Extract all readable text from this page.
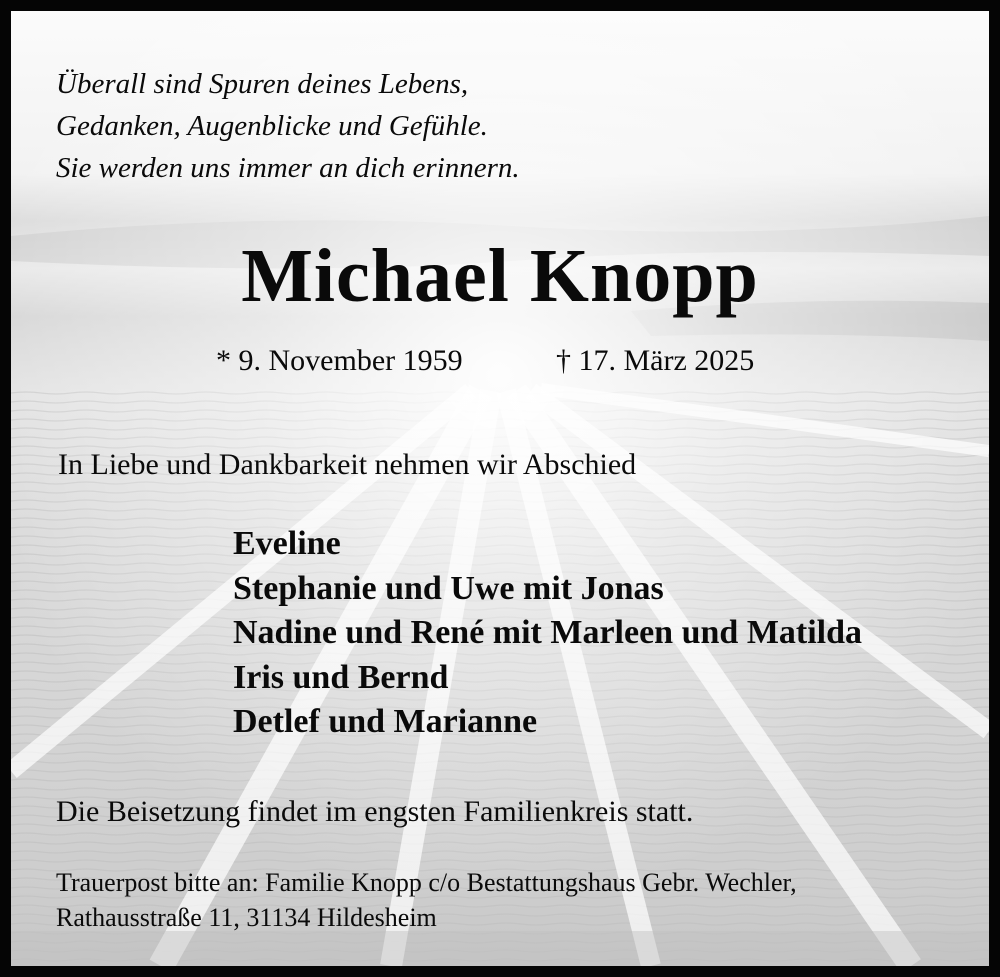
Überall sind Spuren deines Lebens,
Gedanken, Augenblicke und Gefühle.
Sie werden uns immer an dich erinnern.
Michael Knopp
* 9. November 1959	† 17. März 2025
In Liebe und Dankbarkeit nehmen wir Abschied
Eveline
Stephanie und Uwe mit Jonas
Nadine und René mit Marleen und Matilda
Iris und Bernd
Detlef und Marianne
Die Beisetzung findet im engsten Familienkreis statt.
Trauerpost bitte an: Familie Knopp c/o Bestattungshaus Gebr. Wechler,
Rathausstraße 11, 31134 Hildesheim
